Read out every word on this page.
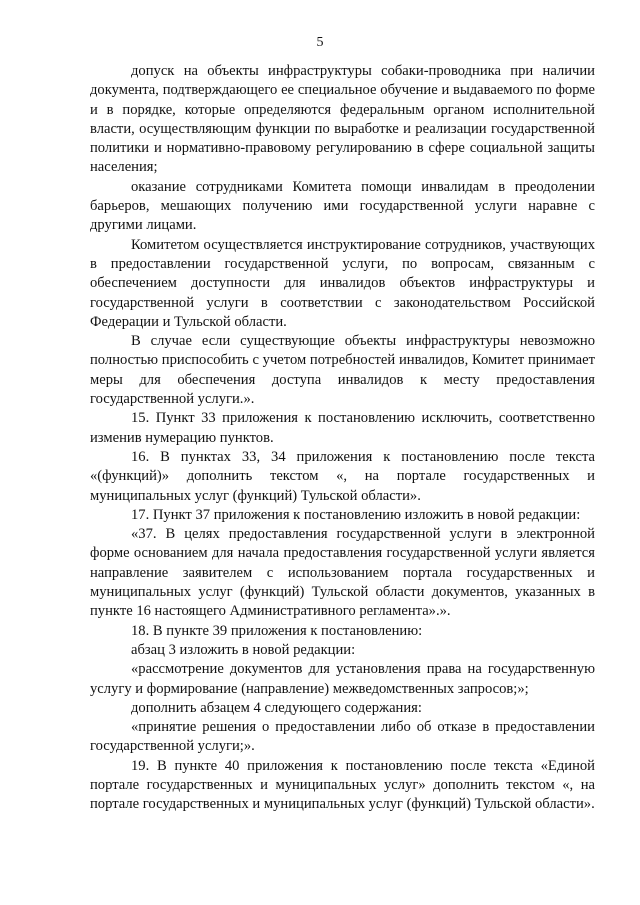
5

допуск на объекты инфраструктуры собаки-проводника при наличии документа, подтверждающего ее специальное обучение и выдаваемого по форме и в порядке, которые определяются федеральным органом исполнительной власти, осуществляющим функции по выработке и реализации государственной политики и нормативно-правовому регулированию в сфере социальной защиты населения;

оказание сотрудниками Комитета помощи инвалидам в преодолении барьеров, мешающих получению ими государственной услуги наравне с другими лицами.

Комитетом осуществляется инструктирование сотрудников, участвующих в предоставлении государственной услуги, по вопросам, связанным с обеспечением доступности для инвалидов объектов инфраструктуры и государственной услуги в соответствии с законодательством Российской Федерации и Тульской области.

В случае если существующие объекты инфраструктуры невозможно полностью приспособить с учетом потребностей инвалидов, Комитет принимает меры для обеспечения доступа инвалидов к месту предоставления государственной услуги.».

15. Пункт 33 приложения к постановлению исключить, соответственно изменив нумерацию пунктов.

16. В пунктах 33, 34 приложения к постановлению после текста «(функций)» дополнить текстом «, на портале государственных и муниципальных услуг (функций) Тульской области».

17. Пункт 37 приложения к постановлению изложить в новой редакции:

«37. В целях предоставления государственной услуги в электронной форме основанием для начала предоставления государственной услуги является направление заявителем с использованием портала государственных и муниципальных услуг (функций) Тульской области документов, указанных в пункте 16 настоящего Административного регламента».».

18. В пункте 39 приложения к постановлению:

абзац 3 изложить в новой редакции:

«рассмотрение документов для установления права на государственную услугу и формирование (направление) межведомственных запросов;»;

дополнить абзацем 4 следующего содержания:

«принятие решения о предоставлении либо об отказе в предоставлении государственной услуги;».

19. В пункте 40 приложения к постановлению после текста «Единой портале государственных и муниципальных услуг» дополнить текстом «, на портале государственных и муниципальных услуг (функций) Тульской области».
